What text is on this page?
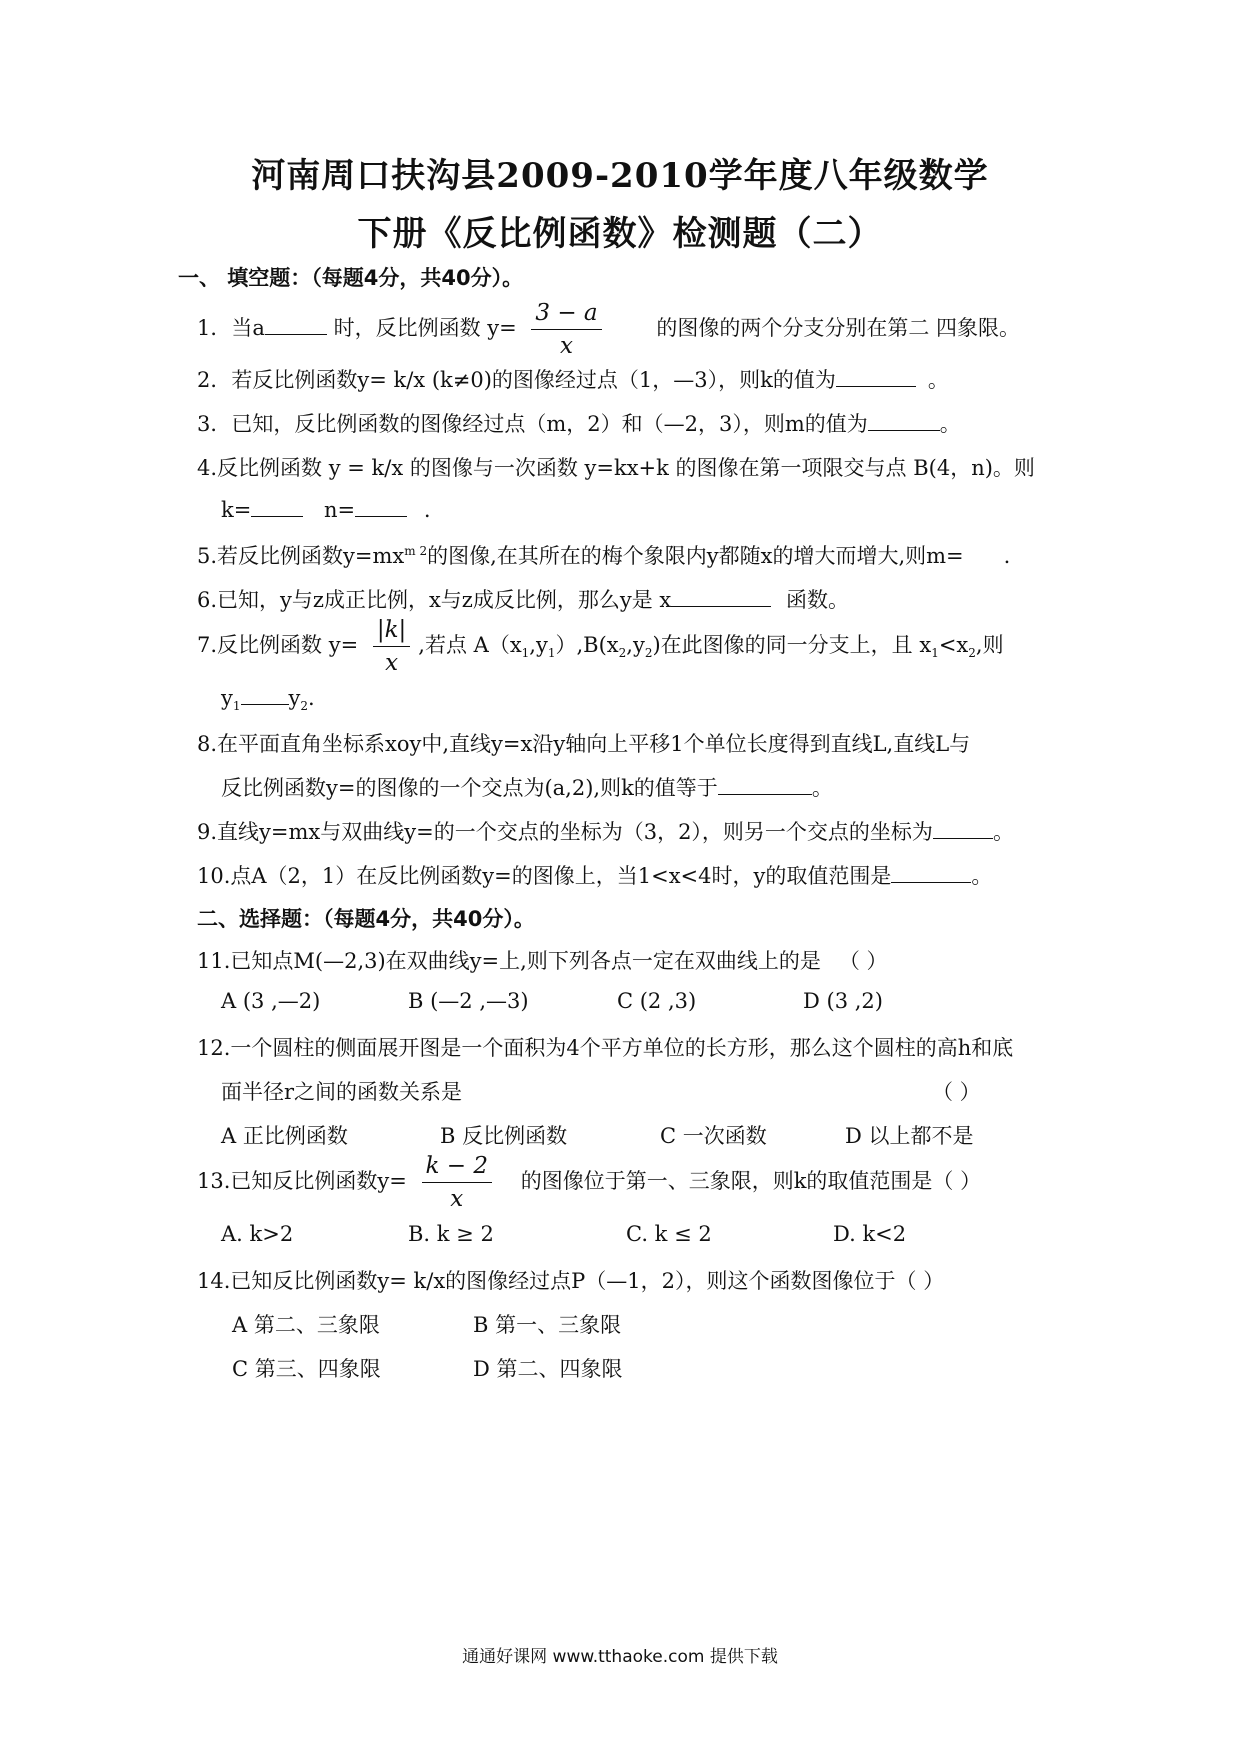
河南周口扶沟县2009-2010学年度八年级数学
下册《反比例函数》检测题（二）
一、 填空题：（每题4分，共40分）。
1．当a	时，反比例函数 $y= \frac{3 - a}{x}$	的图像的两个分支分别在第二 四象限。
2．若反比例函数y= k/x (k≠0)的图像经过点（1，—3），则k的值为	。
3．已知，反比例函数的图像经过点（m，2）和（—2，3），则m的值为	。
4.反比例函数 y = k/x 的图像与一次函数 y=kx+k 的图像在第一项限交与点 B(4，n)。则
k=	n=	.
5.若反比例函数$y=mx^{m 2}$的图像,在其所在的梅个象限内y都随x的增大而增大,则m= .
6.已知，y与z成正比例，x与z成反比例，那么y是 x	函数。
7.反比例函数 $y= \frac{|k|}{x}$ ,若点 $A(x_1,y_1),B(x_2,y_2)$在此图像的同一分支上，且 $x_1<x_2$,则
$y_1$ $y_2$.
8.在平面直角坐标系xoy中,直线y=x沿y轴向上平移1个单位长度得到直线L,直线L与
反比例函数y=的图像的一个交点为(a,2),则k的值等于	。
9.直线y=mx与双曲线y=的一个交点的坐标为（3，2），则另一个交点的坐标为	。
10.点A（2，1）在反比例函数y=的图像上，当1<x<4时，y的取值范围是	。
二、选择题：（每题4分，共40分）。
11.已知点M(—2,3)在双曲线y=上,则下列各点一定在双曲线上的是 （ ）
A (3 ,—2)	B (—2 ,—3)	C (2 ,3)	D (3 ,2)
12.一个圆柱的侧面展开图是一个面积为4个平方单位的长方形，那么这个圆柱的高h和底
面半径r之间的函数关系是	（ ）
A 正比例函数	B 反比例函数	C 一次函数	D 以上都不是
13.已知反比例函数$y= \frac{k - 2}{x}$ 的图像位于第一、三象限，则k的取值范围是（ ）
A. k>2	B. k ≥ 2	C. k ≤ 2	D. k<2
14.已知反比例函数y= k/x的图像经过点P（—1，2），则这个函数图像位于（ ）
A 第二、三象限	B 第一、三象限
C 第三、四象限	D 第二、四象限
通通好课网 www.tthaoke.com 提供下载
